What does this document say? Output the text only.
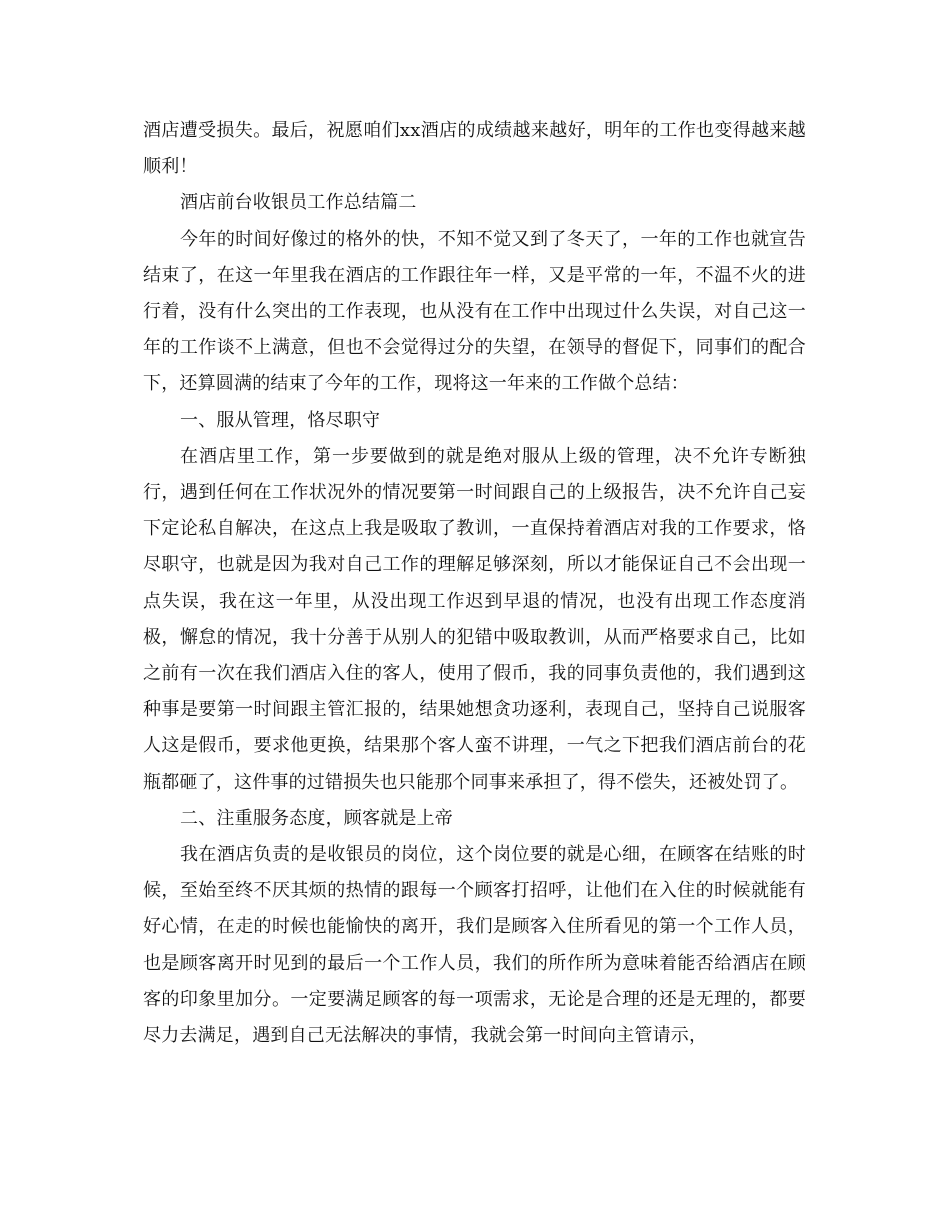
酒店遭受损失。最后，祝愿咱们xx酒店的成绩越来越好，明年的工作也变得越来越顺利！

酒店前台收银员工作总结篇二

今年的时间好像过的格外的快，不知不觉又到了冬天了，一年的工作也就宣告结束了，在这一年里我在酒店的工作跟往年一样，又是平常的一年，不温不火的进行着，没有什么突出的工作表现，也从没有在工作中出现过什么失误，对自己这一年的工作谈不上满意，但也不会觉得过分的失望，在领导的督促下，同事们的配合下，还算圆满的结束了今年的工作，现将这一年来的工作做个总结：

一、服从管理，恪尽职守

在酒店里工作，第一步要做到的就是绝对服从上级的管理，决不允许专断独行，遇到任何在工作状况外的情况要第一时间跟自己的上级报告，决不允许自己妄下定论私自解决，在这点上我是吸取了教训，一直保持着酒店对我的工作要求，恪尽职守，也就是因为我对自己工作的理解足够深刻，所以才能保证自己不会出现一点失误，我在这一年里，从没出现工作迟到早退的情况，也没有出现工作态度消极，懈怠的情况，我十分善于从别人的犯错中吸取教训，从而严格要求自己，比如之前有一次在我们酒店入住的客人，使用了假币，我的同事负责他的，我们遇到这种事是要第一时间跟主管汇报的，结果她想贪功逐利，表现自己，坚持自己说服客人这是假币，要求他更换，结果那个客人蛮不讲理，一气之下把我们酒店前台的花瓶都砸了，这件事的过错损失也只能那个同事来承担了，得不偿失，还被处罚了。

二、注重服务态度，顾客就是上帝

我在酒店负责的是收银员的岗位，这个岗位要的就是心细，在顾客在结账的时候，至始至终不厌其烦的热情的跟每一个顾客打招呼，让他们在入住的时候就能有好心情，在走的时候也能愉快的离开，我们是顾客入住所看见的第一个工作人员，也是顾客离开时见到的最后一个工作人员，我们的所作所为意味着能否给酒店在顾客的印象里加分。一定要满足顾客的每一项需求，无论是合理的还是无理的，都要尽力去满足，遇到自己无法解决的事情，我就会第一时间向主管请示，
